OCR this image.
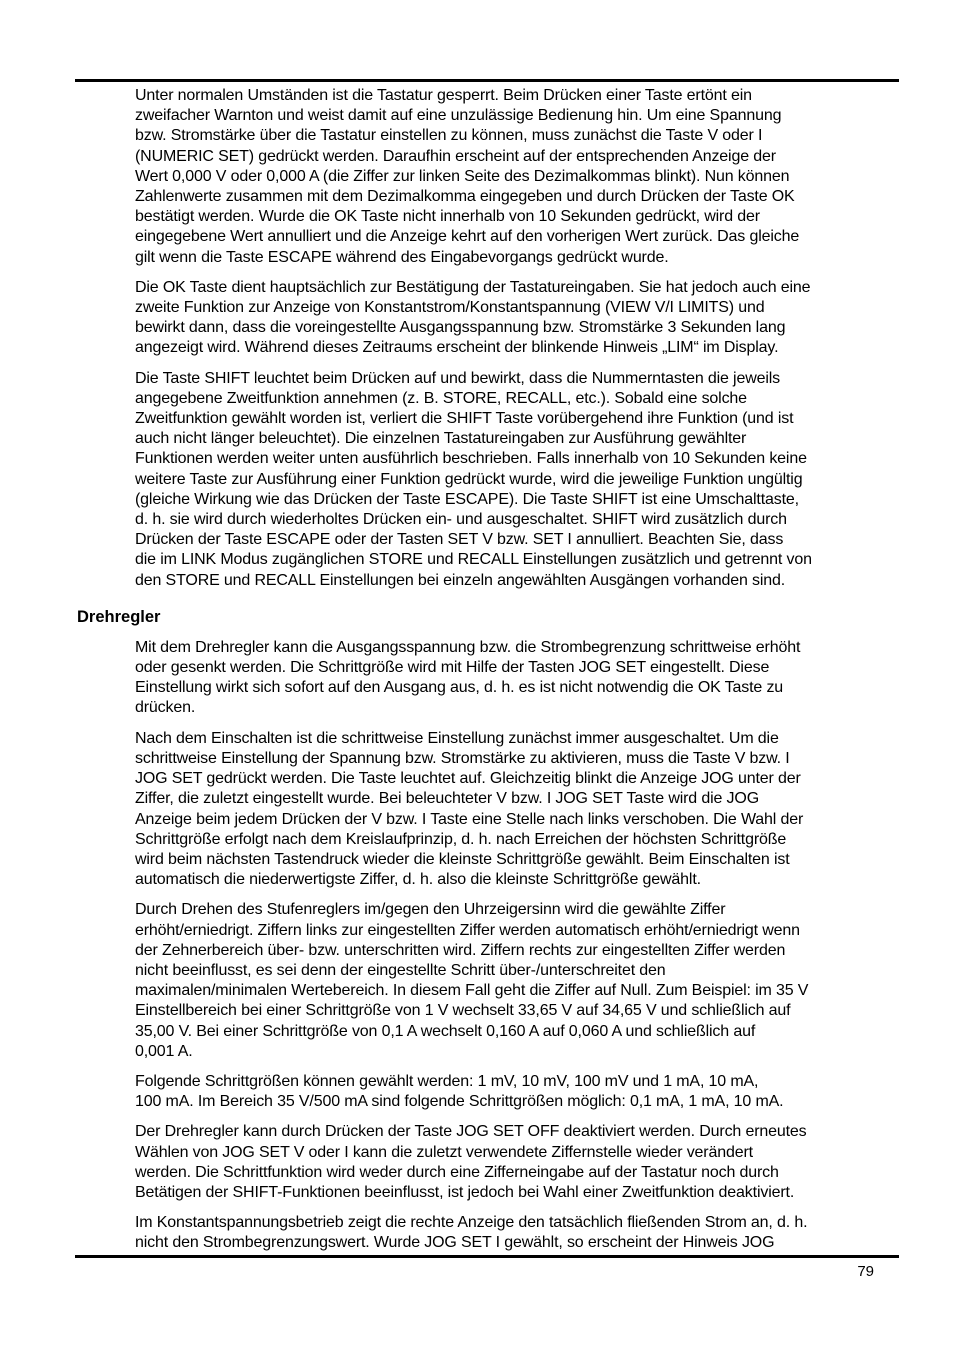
Unter normalen Umständen ist die Tastatur gesperrt. Beim Drücken einer Taste ertönt ein
zweifacher Warnton und weist damit auf eine unzulässige Bedienung hin. Um eine Spannung
bzw. Stromstärke über die Tastatur einstellen zu können, muss zunächst die Taste V oder I
(NUMERIC SET) gedrückt werden. Daraufhin erscheint auf der entsprechenden Anzeige der
Wert 0,000 V oder 0,000 A (die Ziffer zur linken Seite des Dezimalkommas blinkt). Nun können
Zahlenwerte zusammen mit dem Dezimalkomma eingegeben und durch Drücken der Taste OK
bestätigt werden. Wurde die OK Taste nicht innerhalb von 10 Sekunden gedrückt, wird der
eingegebene Wert annulliert und die Anzeige kehrt auf den vorherigen Wert zurück. Das gleiche
gilt wenn die Taste ESCAPE während des Eingabevorgangs gedrückt wurde.
Die OK Taste dient hauptsächlich zur Bestätigung der Tastatureingaben. Sie hat jedoch auch eine
zweite Funktion zur Anzeige von Konstantstrom/Konstantspannung (VIEW V/I LIMITS) und
bewirkt dann, dass die voreingestellte Ausgangsspannung bzw. Stromstärke 3 Sekunden lang
angezeigt wird. Während dieses Zeitraums erscheint der blinkende Hinweis „LIM“ im Display.
Die Taste SHIFT leuchtet beim Drücken auf und bewirkt, dass die Nummerntasten die jeweils
angegebene Zweitfunktion annehmen (z. B. STORE, RECALL, etc.). Sobald eine solche
Zweitfunktion gewählt worden ist, verliert die SHIFT Taste vorübergehend ihre Funktion (und ist
auch nicht länger beleuchtet). Die einzelnen Tastatureingaben zur Ausführung gewählter
Funktionen werden weiter unten ausführlich beschrieben. Falls innerhalb von 10 Sekunden keine
weitere Taste zur Ausführung einer Funktion gedrückt wurde, wird die jeweilige Funktion ungültig
(gleiche Wirkung wie das Drücken der Taste ESCAPE). Die Taste SHIFT ist eine Umschalttaste,
d. h. sie wird durch wiederholtes Drücken ein- und ausgeschaltet. SHIFT wird zusätzlich durch
Drücken der Taste ESCAPE oder der Tasten SET V bzw. SET I annulliert. Beachten Sie, dass
die im LINK Modus zugänglichen STORE und RECALL Einstellungen zusätzlich und getrennt von
den STORE und RECALL Einstellungen bei einzeln angewählten Ausgängen vorhanden sind.
Drehregler
Mit dem Drehregler kann die Ausgangsspannung bzw. die Strombegrenzung schrittweise erhöht
oder gesenkt werden. Die Schrittgröße wird mit Hilfe der Tasten JOG SET eingestellt. Diese
Einstellung wirkt sich sofort auf den Ausgang aus, d. h. es ist nicht notwendig die OK Taste zu
drücken.
Nach dem Einschalten ist die schrittweise Einstellung zunächst immer ausgeschaltet. Um die
schrittweise Einstellung der Spannung bzw. Stromstärke zu aktivieren, muss die Taste V bzw. I
JOG SET gedrückt werden. Die Taste leuchtet auf. Gleichzeitig blinkt die Anzeige JOG unter der
Ziffer, die zuletzt eingestellt wurde. Bei beleuchteter V bzw. I JOG SET Taste wird die JOG
Anzeige beim jedem Drücken der V bzw. I Taste eine Stelle nach links verschoben. Die Wahl der
Schrittgröße erfolgt nach dem Kreislaufprinzip, d. h. nach Erreichen der höchsten Schrittgröße
wird beim nächsten Tastendruck wieder die kleinste Schrittgröße gewählt. Beim Einschalten ist
automatisch die niederwertigste Ziffer, d. h. also die kleinste Schrittgröße gewählt.
Durch Drehen des Stufenreglers im/gegen den Uhrzeigersinn wird die gewählte Ziffer
erhöht/erniedrigt. Ziffern links zur eingestellten Ziffer werden automatisch erhöht/erniedrigt wenn
der Zehnerbereich über- bzw. unterschritten wird. Ziffern rechts zur eingestellten Ziffer werden
nicht beeinflusst, es sei denn der eingestellte Schritt über-/unterschreitet den
maximalen/minimalen Wertebereich. In diesem Fall geht die Ziffer auf Null. Zum Beispiel: im 35 V
Einstellbereich bei einer Schrittgröße von 1 V wechselt 33,65 V auf 34,65 V und schließlich auf
35,00 V. Bei einer Schrittgröße von 0,1 A wechselt 0,160 A auf 0,060 A und schließlich auf
0,001 A.
Folgende Schrittgrößen können gewählt werden: 1 mV, 10 mV, 100 mV und 1 mA, 10 mA,
100 mA. Im Bereich 35 V/500 mA sind folgende Schrittgrößen möglich: 0,1 mA, 1 mA, 10 mA.
Der Drehregler kann durch Drücken der Taste JOG SET OFF deaktiviert werden. Durch erneutes
Wählen von JOG SET V oder I kann die zuletzt verwendete Ziffernstelle wieder verändert
werden. Die Schrittfunktion wird weder durch eine Zifferneingabe auf der Tastatur noch durch
Betätigen der SHIFT-Funktionen beeinflusst, ist jedoch bei Wahl einer Zweitfunktion deaktiviert.
Im Konstantspannungsbetrieb zeigt die rechte Anzeige den tatsächlich fließenden Strom an, d. h.
nicht den Strombegrenzungswert. Wurde JOG SET I gewählt, so erscheint der Hinweis JOG
79
